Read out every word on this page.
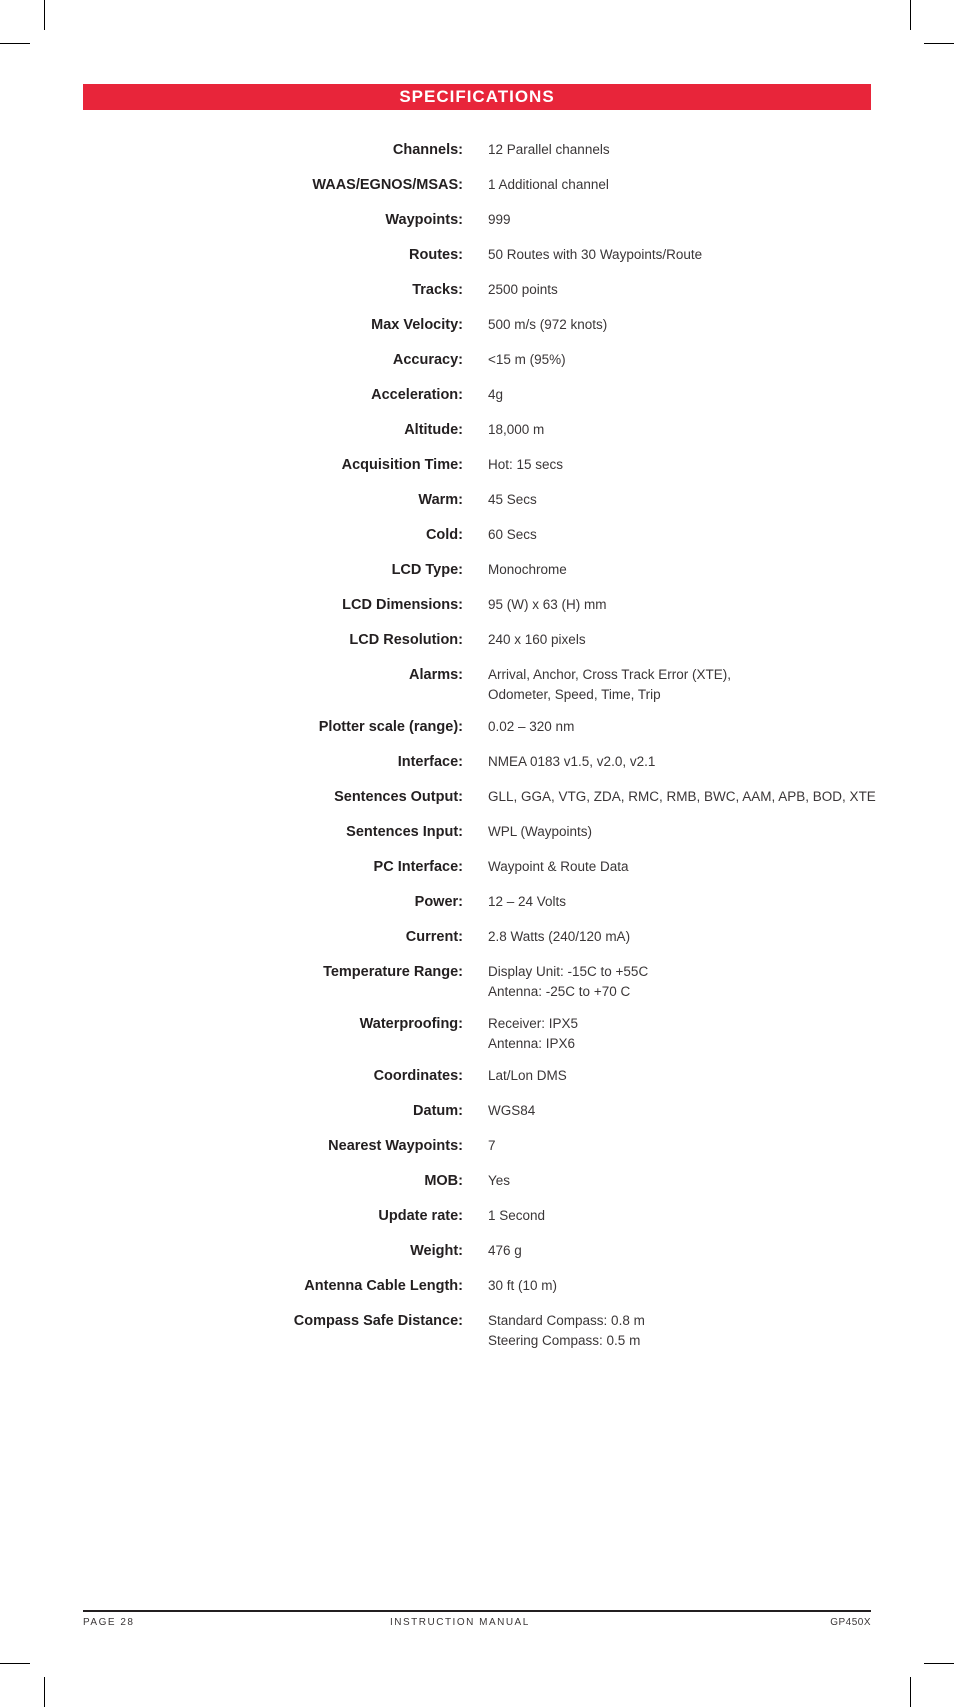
SPECIFICATIONS
Channels: 12 Parallel channels
WAAS/EGNOS/MSAS: 1 Additional channel
Waypoints: 999
Routes: 50 Routes with 30 Waypoints/Route
Tracks: 2500 points
Max Velocity: 500 m/s (972 knots)
Accuracy: <15 m (95%)
Acceleration: 4g
Altitude: 18,000 m
Acquisition Time: Hot: 15 secs
Warm: 45 Secs
Cold: 60 Secs
LCD Type: Monochrome
LCD Dimensions: 95 (W) x 63 (H) mm
LCD Resolution: 240 x 160 pixels
Alarms: Arrival, Anchor, Cross Track Error (XTE),
Odometer, Speed, Time, Trip
Plotter scale (range): 0.02 – 320 nm
Interface: NMEA 0183 v1.5, v2.0, v2.1
Sentences Output: GLL, GGA, VTG, ZDA, RMC, RMB, BWC, AAM, APB, BOD, XTE
Sentences Input: WPL (Waypoints)
PC Interface: Waypoint & Route Data
Power: 12 – 24 Volts
Current: 2.8 Watts (240/120 mA)
Temperature Range: Display Unit: -15C to +55C
Antenna: -25C to +70 C
Waterproofing: Receiver: IPX5
Antenna: IPX6
Coordinates: Lat/Lon DMS
Datum: WGS84
Nearest Waypoints: 7
MOB: Yes
Update rate: 1 Second
Weight: 476 g
Antenna Cable Length: 30 ft (10 m)
Compass Safe Distance: Standard Compass: 0.8 m
Steering Compass: 0.5 m
PAGE 28	INSTRUCTION MANUAL	GP450X
